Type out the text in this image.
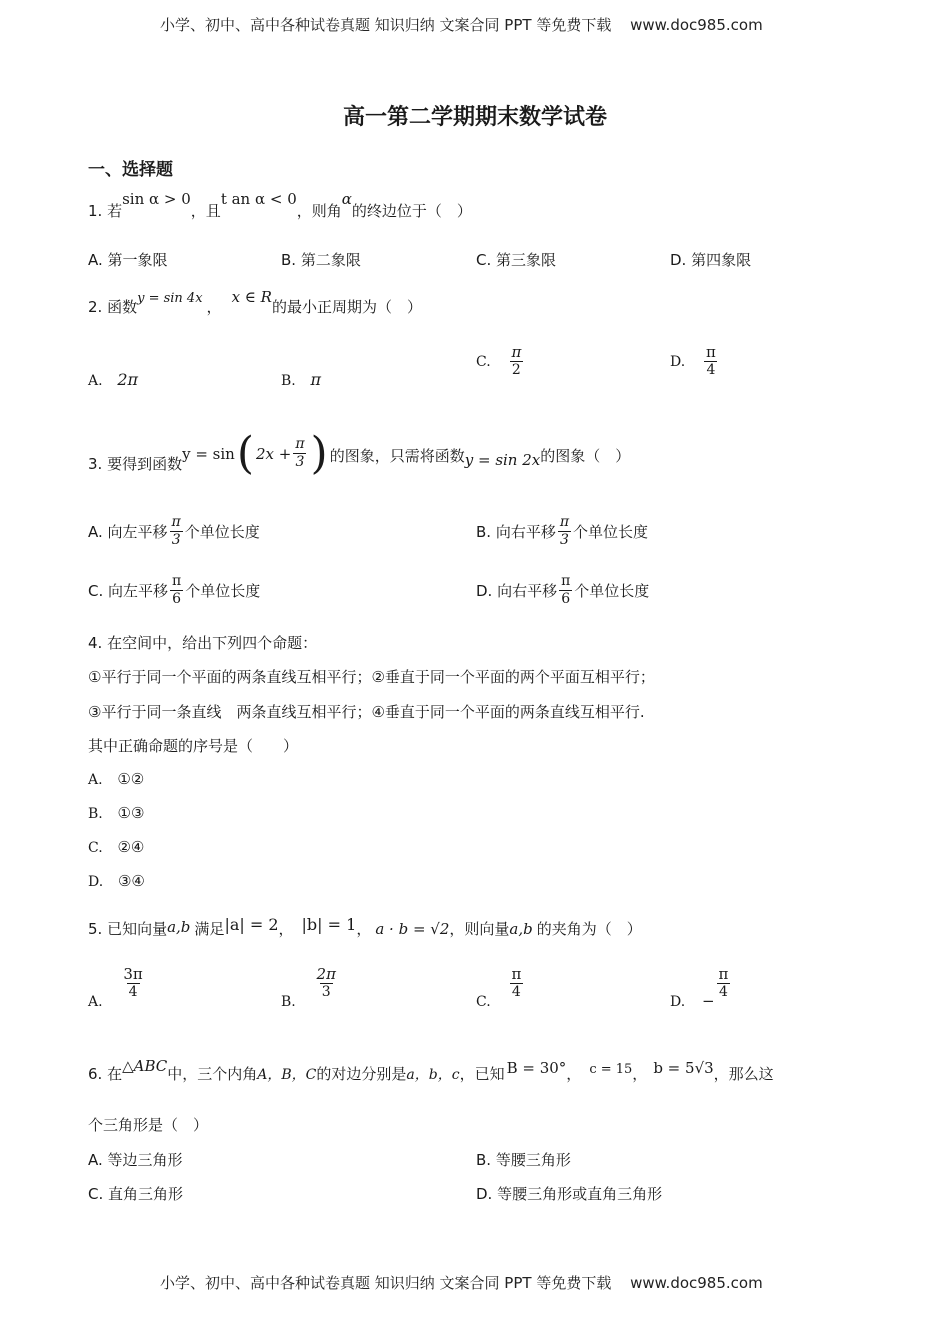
小学、初中、高中各种试卷真题 知识归纳 文案合同 PPT 等免费下载 www.doc985.com
高一第二学期期末数学试卷
一、选择题
1. 若sin α > 0，且t an α < 0，则角α的终边位于（　）
A. 第一象限	B. 第二象限	C. 第三象限	D. 第四象限
2. 函数y = sin 4x ，x ∈ R的最小正周期为（　）
A. 2π	B. π
C. $\frac{\pi}{2}$	D. $\frac{\pi}{4}$
3. 要得到函数
y = sin ( $2x + \frac{\pi}{3}$ ) 的图象，只需将函数 y = sin 2x 的图象（　）
A. 向左平移 $\frac{\pi}{3}$ 个单位长度	B. 向右平移 $\frac{\pi}{3}$ 个单位长度
C. 向左平移 $\frac{\pi}{6}$ 个单位长度	D. 向右平移 $\frac{\pi}{6}$ 个单位长度
4. 在空间中，给出下列四个命题：
①平行于同一个平面的两条直线互相平行；②垂直于同一个平面的两个平面互相平行；
③平行于同一条直线　两条直线互相平行；④垂直于同一个平面的两条直线互相平行.
其中正确命题的序号是（　　）
A. ①②
B. ①③
C. ②④
D. ③④
5. 已知向量a,b 满足|a| = 2， |b| = 1， a · b = √2，则向量a,b 的夹角为（　）
A.
$\frac{3\pi}{4}$
B.
$\frac{2\pi}{3}$
C.
$\frac{\pi}{4}$
D. − $\frac{\pi}{4}$
6. 在△ABC中，三个内角A，B，C的对边分别是a，b，c，已知 B = 30°， c = 15， b = 5√3，那么这
个三角形是（　）
A. 等边三角形	B. 等腰三角形
C. 直角三角形	D. 等腰三角形或直角三角形
小学、初中、高中各种试卷真题 知识归纳 文案合同 PPT 等免费下载 www.doc985.com
